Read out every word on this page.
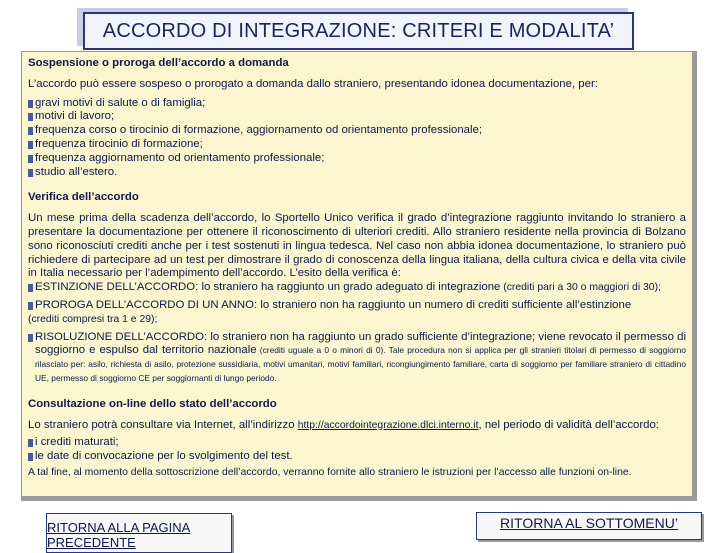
ACCORDO DI INTEGRAZIONE: CRITERI E MODALITA’

Sospensione o proroga dell’accordo a domanda

L’accordo può essere sospeso o prorogato a domanda dallo straniero, presentando idonea documentazione, per:

gravi motivi di salute o di famiglia;
motivi di lavoro;
frequenza corso o tirocinio di formazione, aggiornamento od orientamento professionale;
frequenza tirocinio di formazione;
frequenza aggiornamento od orientamento professionale;
studio all’estero.

Verifica dell’accordo

Un mese prima della scadenza dell’accordo, lo Sportello Unico verifica il grado d’integrazione raggiunto invitando lo straniero a presentare la documentazione per ottenere il riconoscimento di ulteriori crediti. Allo straniero residente nella provincia di Bolzano sono riconosciuti crediti anche per i test sostenuti in lingua tedesca. Nel caso non abbia idonea documentazione, lo straniero può richiedere di partecipare ad un test per dimostrare il grado di conoscenza della lingua italiana, della cultura civica e della vita civile in Italia necessario per l’adempimento dell’accordo. L’esito della verifica è:

ESTINZIONE DELL’ACCORDO: lo straniero ha raggiunto un grado adeguato di integrazione (crediti pari a 30 o maggiori di 30);

PROROGA DELL’ACCORDO DI UN ANNO: lo straniero non ha raggiunto un numero di crediti sufficiente all’estinzione

(crediti compresi tra 1 e 29);

RISOLUZIONE DELL’ACCORDO: lo straniero non ha raggiunto un grado sufficiente d’integrazione; viene revocato il permesso di soggiorno e espulso dal territorio nazionale (crediti uguale a 0 o minori di 0). Tale procedura non si applica per gli stranieri titolari di permesso di soggiorno rilasciato per: asilo, richiesta di asilo, protezione sussidiaria, motivi umanitari, motivi familiari, ricongiungimento familiare, carta di soggiorno per familiare straniero di cittadino UE, permesso di soggiorno CE per soggiornanti di lungo periodo.

Consultazione on-line dello stato dell’accordo

Lo straniero potrà consultare via Internet, all’indirizzo http://accordointegrazione.dlci.interno.it, nel periodo di validità dell’accordo:

i crediti maturati;
le date di convocazione per lo svolgimento del test.

A tal fine, al momento della sottoscrizione dell’accordo, verranno fornite allo straniero le istruzioni per l’accesso alle funzioni on-line.

RITORNA ALLA PAGINA PRECEDENTE
RITORNA AL SOTTOMENU’
